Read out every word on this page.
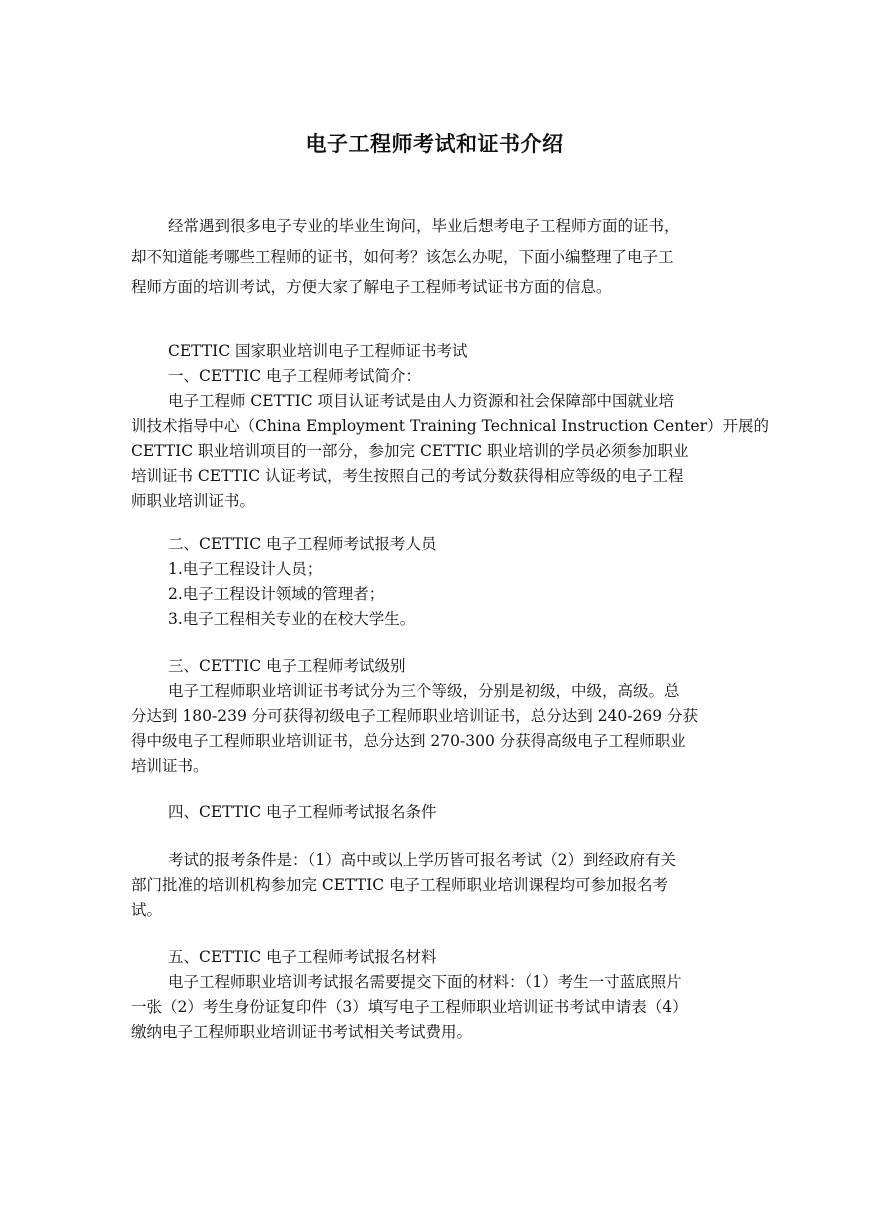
电子工程师考试和证书介绍
经常遇到很多电子专业的毕业生询问，毕业后想考电子工程师方面的证书，
却不知道能考哪些工程师的证书，如何考？该怎么办呢，下面小编整理了电子工
程师方面的培训考试，方便大家了解电子工程师考试证书方面的信息。
CETTIC 国家职业培训电子工程师证书考试
一、CETTIC 电子工程师考试简介：
电子工程师 CETTIC 项目认证考试是由人力资源和社会保障部中国就业培
训技术指导中心（China Employment Training Technical Instruction Center）开展的
CETTIC 职业培训项目的一部分，参加完 CETTIC 职业培训的学员必须参加职业
培训证书 CETTIC 认证考试，考生按照自己的考试分数获得相应等级的电子工程
师职业培训证书。
二、CETTIC 电子工程师考试报考人员
1.电子工程设计人员；
2.电子工程设计领域的管理者；
3.电子工程相关专业的在校大学生。
三、CETTIC 电子工程师考试级别
电子工程师职业培训证书考试分为三个等级，分别是初级，中级，高级。总
分达到 180-239 分可获得初级电子工程师职业培训证书，总分达到 240-269 分获
得中级电子工程师职业培训证书，总分达到 270-300 分获得高级电子工程师职业
培训证书。
四、CETTIC 电子工程师考试报名条件
考试的报考条件是：（1）高中或以上学历皆可报名考试（2）到经政府有关
部门批准的培训机构参加完 CETTIC 电子工程师职业培训课程均可参加报名考
试。
五、CETTIC 电子工程师考试报名材料
电子工程师职业培训考试报名需要提交下面的材料：（1）考生一寸蓝底照片
一张（2）考生身份证复印件（3）填写电子工程师职业培训证书考试申请表（4）
缴纳电子工程师职业培训证书考试相关考试费用。
